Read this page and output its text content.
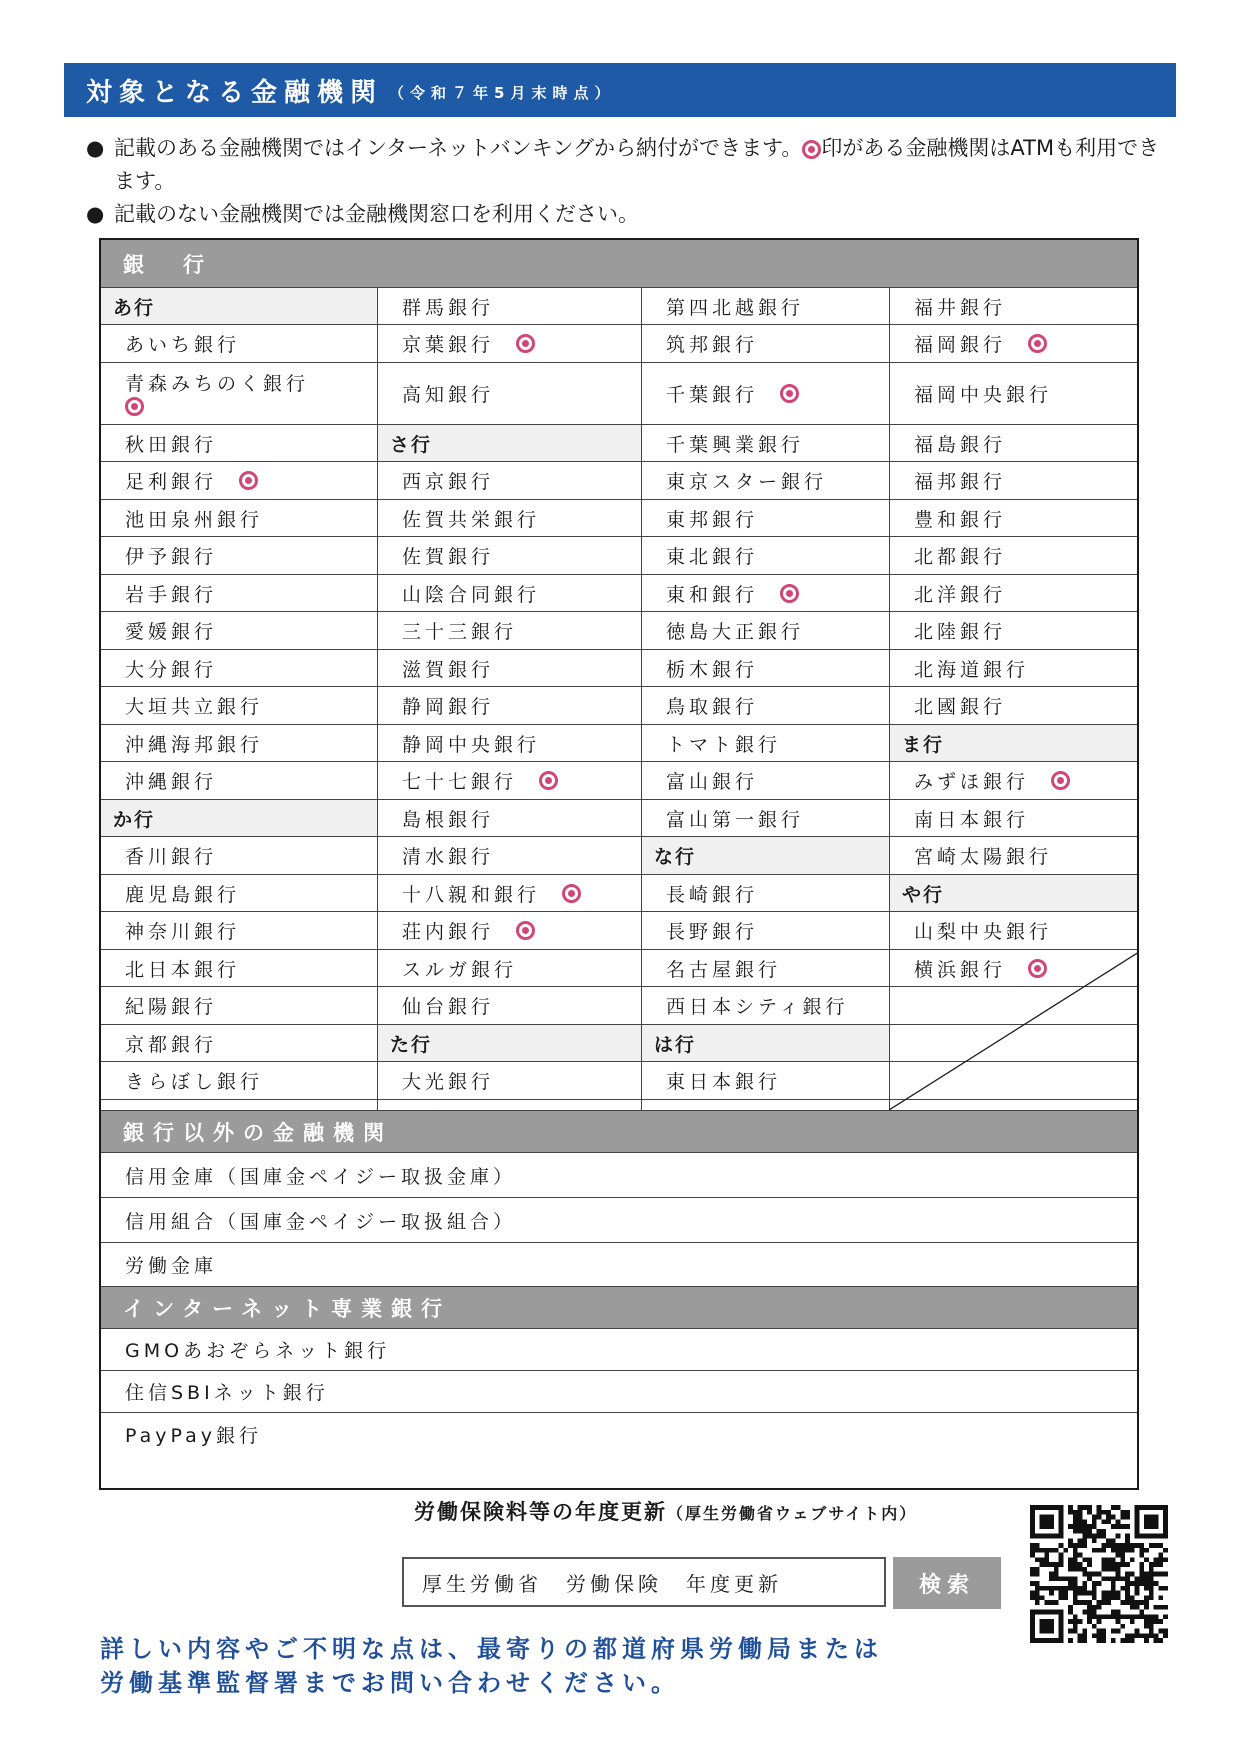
対象となる金融機関 （令和７年5月末時点）
● 記載のある金融機関ではインターネットバンキングから納付ができます。 印がある金融機関はATMも利用できます。
● 記載のない金融機関では金融機関窓口を利用ください。
銀　行
あ行
あいち銀行
青森みちのく銀行
秋田銀行
足利銀行
池田泉州銀行
伊予銀行
岩手銀行
愛媛銀行
大分銀行
大垣共立銀行
沖縄海邦銀行
沖縄銀行
か行
香川銀行
鹿児島銀行
神奈川銀行
北日本銀行
紀陽銀行
京都銀行
きらぼし銀行
群馬銀行
京葉銀行
高知銀行
さ行
西京銀行
佐賀共栄銀行
佐賀銀行
山陰合同銀行
三十三銀行
滋賀銀行
静岡銀行
静岡中央銀行
七十七銀行
島根銀行
清水銀行
十八親和銀行
荘内銀行
スルガ銀行
仙台銀行
た行
大光銀行
第四北越銀行
筑邦銀行
千葉銀行
千葉興業銀行
東京スター銀行
東邦銀行
東北銀行
東和銀行
徳島大正銀行
栃木銀行
鳥取銀行
トマト銀行
富山銀行
富山第一銀行
な行
長崎銀行
長野銀行
名古屋銀行
西日本シティ銀行
は行
東日本銀行
福井銀行
福岡銀行
福岡中央銀行
福島銀行
福邦銀行
豊和銀行
北都銀行
北洋銀行
北陸銀行
北海道銀行
北國銀行
ま行
みずほ銀行
南日本銀行
宮崎太陽銀行
や行
山梨中央銀行
横浜銀行
銀行以外の金融機関
信用金庫（国庫金ペイジー取扱金庫）
信用組合（国庫金ペイジー取扱組合）
労働金庫
インターネット専業銀行
GMOあおぞらネット銀行
住信SBIネット銀行
PayPay銀行
労働保険料等の年度更新（厚生労働省ウェブサイト内）
厚生労働省　労働保険　年度更新	検索
詳しい内容やご不明な点は、最寄りの都道府県労働局または
労働基準監督署までお問い合わせください。
